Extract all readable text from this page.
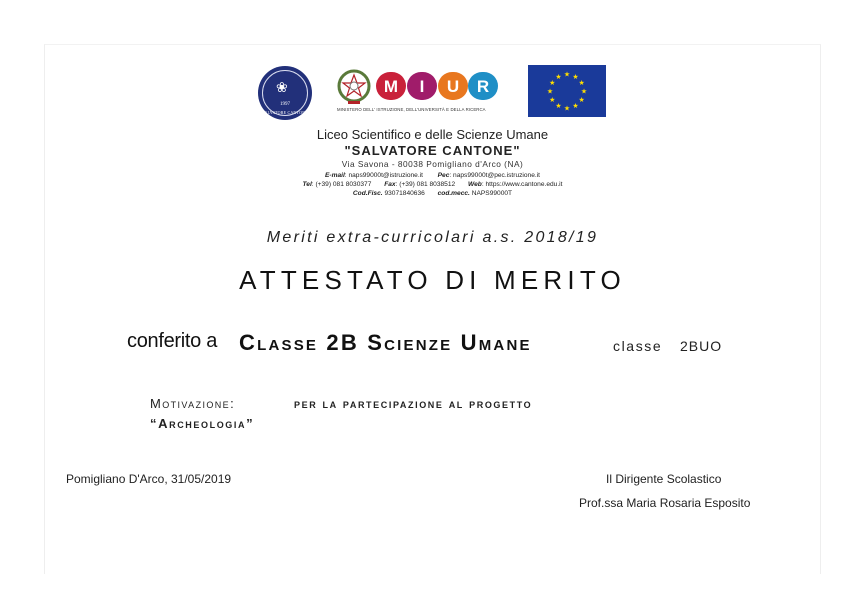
❀
1997
SALVATORE CANTONE
M I U R
MINISTERO DELL' ISTRUZIONE, DELL'UNIVERSITÀ E DELLA RICERCA
★ ★
★
★
★
★
★
★
★
★
★
★
Liceo Scientifico e delle Scienze Umane
"SALVATORE CANTONE"
Via Savona - 80038 Pomigliano d'Arco (NA)
E-mail: naps99000t@istruzione.it Pec: naps99000t@pec.istruzione.it
Tel: (+39) 081 8030377 Fax: (+39) 081 8038512 Web: https://www.cantone.edu.it
Cod.Fisc. 93071840636 cod.mecc. NAPS99000T
Meriti extra-curricolari a.s. 2018/19
ATTESTATO DI MERITO
conferito a Classe 2B Scienze Umane	classe 2BUO
Motivazione:	per la partecipazione al progetto
“Archeologia”
Pomigliano D'Arco, 31/05/2019	Il Dirigente Scolastico
Prof.ssa Maria Rosaria Esposito
